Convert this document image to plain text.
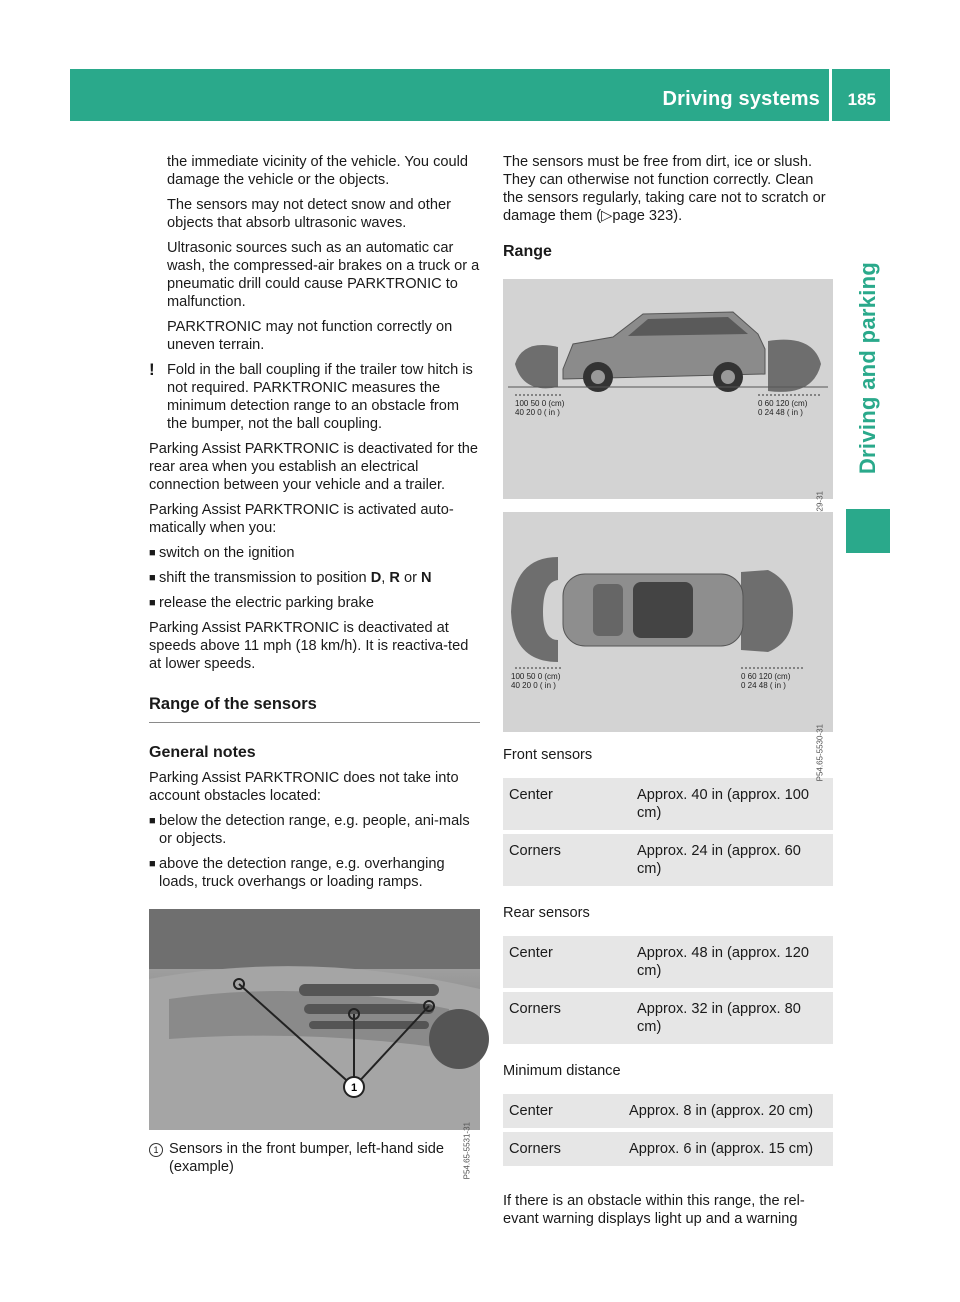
Driving systems 185
Driving and parking

the immediate vicinity of the vehicle. You could damage the vehicle or the objects.

The sensors may not detect snow and other objects that absorb ultrasonic waves.

Ultrasonic sources such as an automatic car wash, the compressed-air brakes on a truck or a pneumatic drill could cause PARKTRONIC to malfunction.

PARKTRONIC may not function correctly on uneven terrain.

! Fold in the ball coupling if the trailer tow hitch is not required. PARKTRONIC measures the minimum detection range to an obstacle from the bumper, not the ball coupling.

Parking Assist PARKTRONIC is deactivated for the rear area when you establish an electrical connection between your vehicle and a trailer.

Parking Assist PARKTRONIC is activated auto-matically when you:

■ switch on the ignition
■ shift the transmission to position D, R or N
■ release the electric parking brake

Parking Assist PARKTRONIC is deactivated at speeds above 11 mph (18 km/h). It is reactiva-ted at lower speeds.

Range of the sensors
General notes

Parking Assist PARKTRONIC does not take into account obstacles located:

■ below the detection range, e.g. people, ani-mals or objects.
■ above the detection range, e.g. overhanging loads, truck overhangs or loading ramps.
1
P54.65-5531-31
1 Sensors in the front bumper, left-hand side (example)

The sensors must be free from dirt, ice or slush. They can otherwise not function correctly. Clean the sensors regularly, taking care not to scratch or damage them (▷page 323).

Range
100 50 0 (cm)
40 20 0 ( in )
0 60 120 (cm)
0 24 48 ( in )
100 50 0 (cm)
40 20 0 ( in )
0 60 120 (cm)
0 24 48 ( in )
P54.65-5530-31
Front sensors
Center	Approx. 40 in (approx. 100 cm)
Corners	Approx. 24 in (approx. 60 cm)
Rear sensors
Center	Approx. 48 in (approx. 120 cm)
Corners	Approx. 32 in (approx. 80 cm)
Minimum distance
Center	Approx. 8 in (approx. 20 cm)
Corners	Approx. 6 in (approx. 15 cm)

If there is an obstacle within this range, the rel-evant warning displays light up and a warning
